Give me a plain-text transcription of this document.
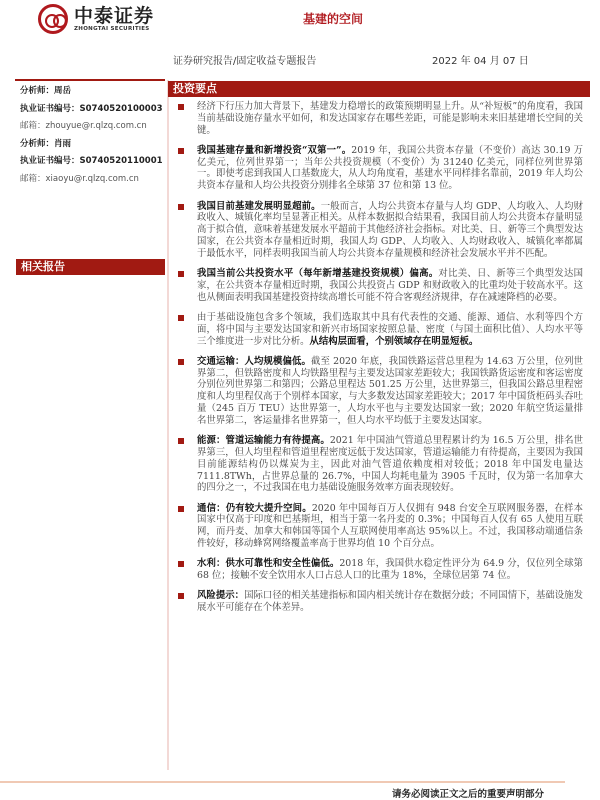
中泰证券
ZHONGTAI SECURITIES
基建的空间
证券研究报告/固定收益专题报告	2022 年 04 月 07 日
分析师：周岳
执业证书编号：S0740520100003
邮箱：zhouyue@r.qlzq.com.cn
分析师：肖雨
执业证书编号：S0740520110001
邮箱：xiaoyu@r.qlzq.com.cn
投资要点
相关报告
经济下行压力加大背景下，基建发力稳增长的政策预期明显上升。从“补短板”的角度看，我国当前基础设施存量水平如何，和发达国家存在哪些差距，可能是影响未来旧基建增长空间的关键。
我国基建存量和新增投资“双第一”。2019 年，我国公共资本存量（不变价）高达 30.19 万亿美元，位列世界第一；当年公共投资规模（不变价）为 31240 亿美元，同样位列世界第一。即使考虑到我国人口基数庞大，从人均角度看，基建水平同样排名靠前，2019 年人均公共资本存量和人均公共投资分别排名全球第 37 位和第 13 位。
我国目前基建发展明显超前。一般而言，人均公共资本存量与人均 GDP、人均收入、人均财政收入、城镇化率均呈显著正相关。从样本数据拟合结果看，我国目前人均公共资本存量明显高于拟合值，意味着基建发展水平超前于其他经济社会指标。对比美、日、新等三个典型发达国家，在公共资本存量相近时期，我国人均 GDP、人均收入、人均财政收入、城镇化率都属于最低水平，同样表明我国当前人均公共资本存量规模和经济社会发展水平并不匹配。
我国当前公共投资水平（每年新增基建投资规模）偏高。对比美、日、新等三个典型发达国家，在公共资本存量相近时期，我国公共投资占 GDP 和财政收入的比重均处于较高水平。这也从侧面表明我国基建投资持续高增长可能不符合客观经济规律，存在减速降档的必要。
由于基础设施包含多个领域，我们选取其中具有代表性的交通、能源、通信、水利等四个方面，将中国与主要发达国家和新兴市场国家按照总量、密度（与国土面积比值）、人均水平等三个维度进一步对比分析。从结构层面看，个别领域存在明显短板。
交通运输：人均规模偏低。截至 2020 年底，我国铁路运营总里程为 14.63 万公里，位列世界第二，但铁路密度和人均铁路里程与主要发达国家差距较大；我国铁路货运密度和客运密度分别位列世界第二和第四；公路总里程达 501.25 万公里，达世界第三，但我国公路总里程密度和人均里程仅高于个别样本国家，与大多数发达国家差距较大；2017 年中国货柜码头吞吐量（245 百万 TEU）达世界第一，人均水平也与主要发达国家一致；2020 年航空货运量排名世界第二，客运量排名世界第一，但人均水平均低于主要发达国家。
能源：管道运输能力有待提高。2021 年中国油气管道总里程累计约为 16.5 万公里，排名世界第三，但人均里程和管道里程密度远低于发达国家，管道运输能力有待提高，主要因为我国目前能源结构仍以煤炭为主，因此对油气管道依赖度相对较低；2018 年中国发电量达 7111.8TWh，占世界总量的 26.7%，中国人均耗电量为 3905 千瓦时，仅为第一名加拿大的四分之一，不过我国在电力基础设施服务效率方面表现较好。
通信：仍有较大提升空间。2020 年中国每百万人仅拥有 948 台安全互联网服务器，在样本国家中仅高于印度和巴基斯坦，相当于第一名丹麦的 0.3%；中国每百人仅有 65 人使用互联网，而丹麦、加拿大和韩国等国个人互联网使用率高达 95%以上。不过，我国移动端通信条件较好，移动蜂窝网络覆盖率高于世界均值 10 个百分点。
水利：供水可靠性和安全性偏低。2018 年，我国供水稳定性评分为 64.9 分，仅位列全球第 68 位；接触不安全饮用水人口占总人口的比重为 18%，全球位居第 74 位。
风险提示：国际口径的相关基建指标和国内相关统计存在数据分歧；不同国情下，基础设施发展水平可能存在个体差异。
请务必阅读正文之后的重要声明部分
